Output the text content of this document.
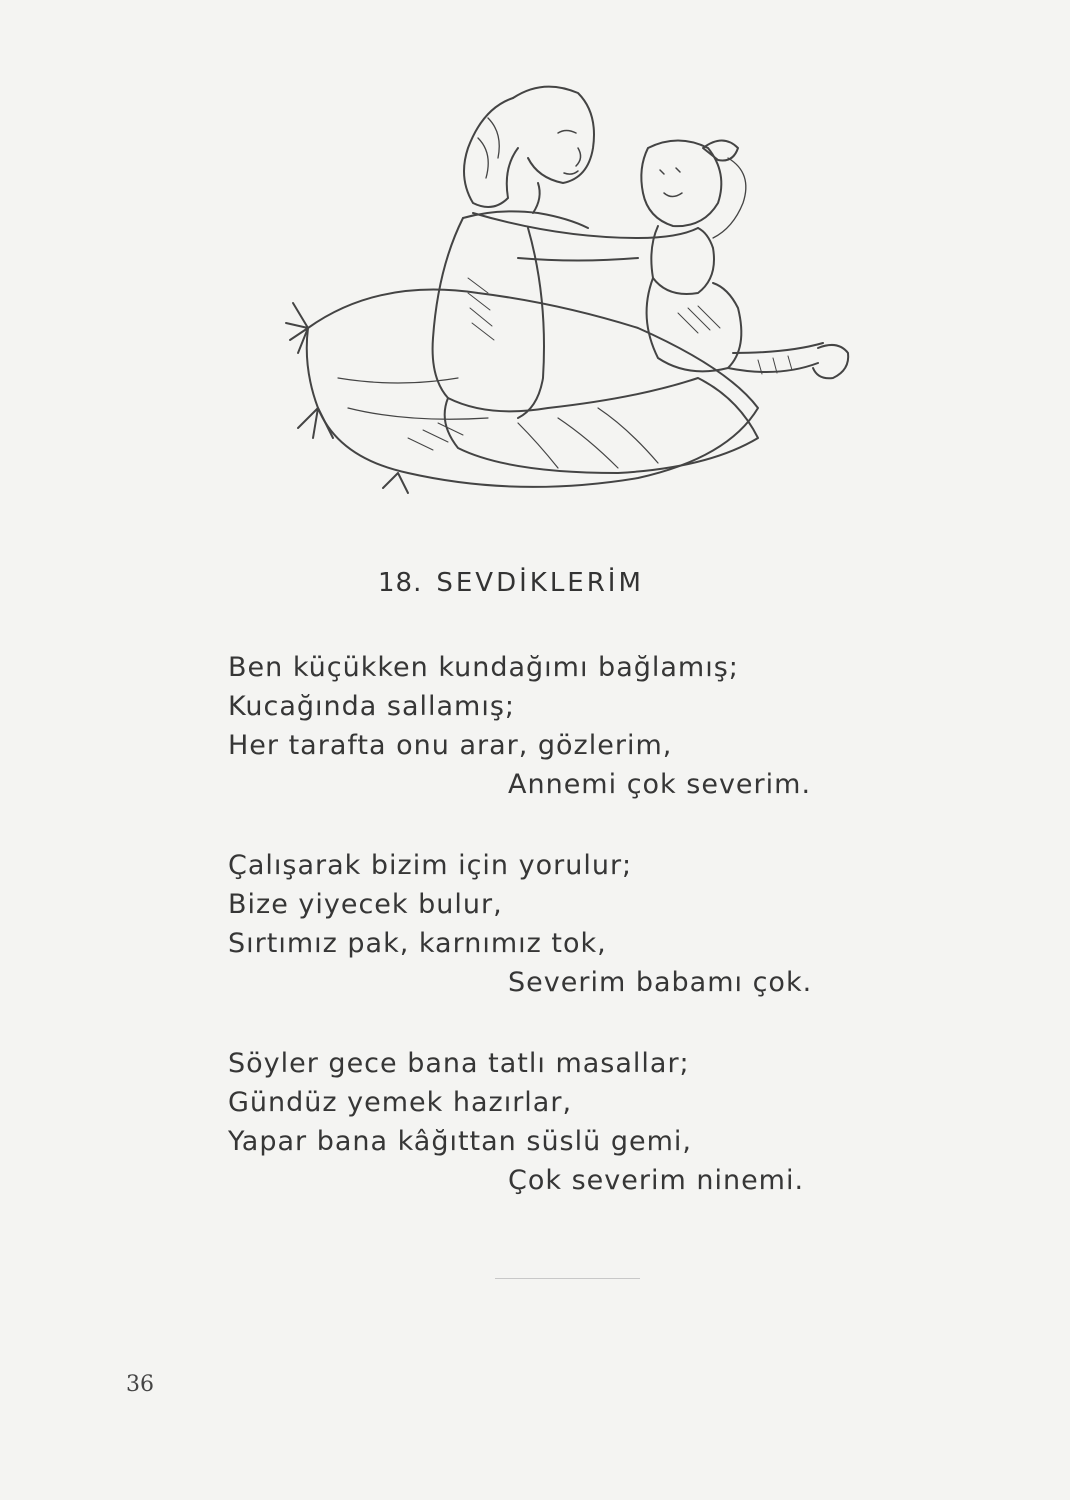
18. SEVDİKLERİM
Ben küçükken kundağımı bağlamış;
Kucağında sallamış;
Her tarafta onu arar, gözlerim,
Annemi çok severim.
Çalışarak bizim için yorulur;
Bize yiyecek bulur,
Sırtımız pak, karnımız tok,
Severim babamı çok.
Söyler gece bana tatlı masallar;
Gündüz yemek hazırlar,
Yapar bana kâğıttan süslü gemi,
Çok severim ninemi.
36
